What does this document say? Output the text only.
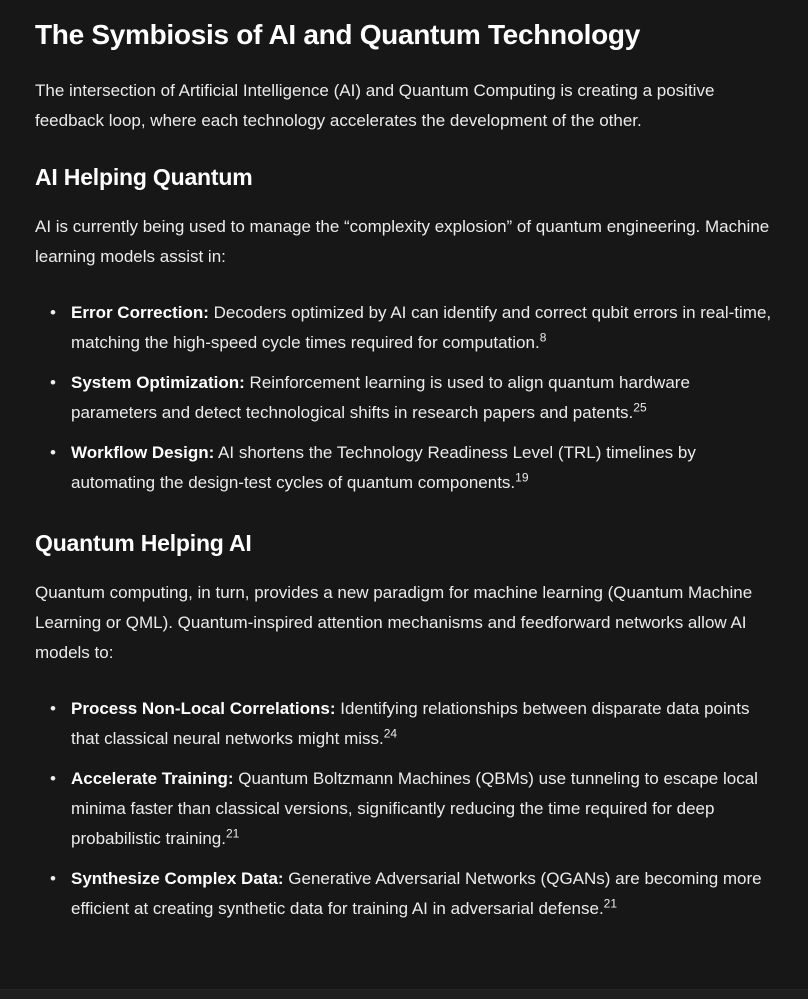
The Symbiosis of AI and Quantum Technology

The intersection of Artificial Intelligence (AI) and Quantum Computing is creating a positive feedback loop, where each technology accelerates the development of the other.

AI Helping Quantum

AI is currently being used to manage the “complexity explosion” of quantum engineering. Machine learning models assist in:

• Error Correction: Decoders optimized by AI can identify and correct qubit errors in real-time, matching the high-speed cycle times required for computation.$^8$
• System Optimization: Reinforcement learning is used to align quantum hardware parameters and detect technological shifts in research papers and patents.$^{25}$
• Workflow Design: AI shortens the Technology Readiness Level (TRL) timelines by automating the design-test cycles of quantum components.$^{19}$
Quantum Helping AI

Quantum computing, in turn, provides a new paradigm for machine learning (Quantum Machine Learning or QML). Quantum-inspired attention mechanisms and feedforward networks allow AI models to:

• Process Non-Local Correlations: Identifying relationships between disparate data points that classical neural networks might miss.$^{24}$
• Accelerate Training: Quantum Boltzmann Machines (QBMs) use tunneling to escape local minima faster than classical versions, significantly reducing the time required for deep probabilistic training.$^{21}$
• Synthesize Complex Data: Generative Adversarial Networks (QGANs) are becoming more efficient at creating synthetic data for training AI in adversarial defense.$^{21}$
